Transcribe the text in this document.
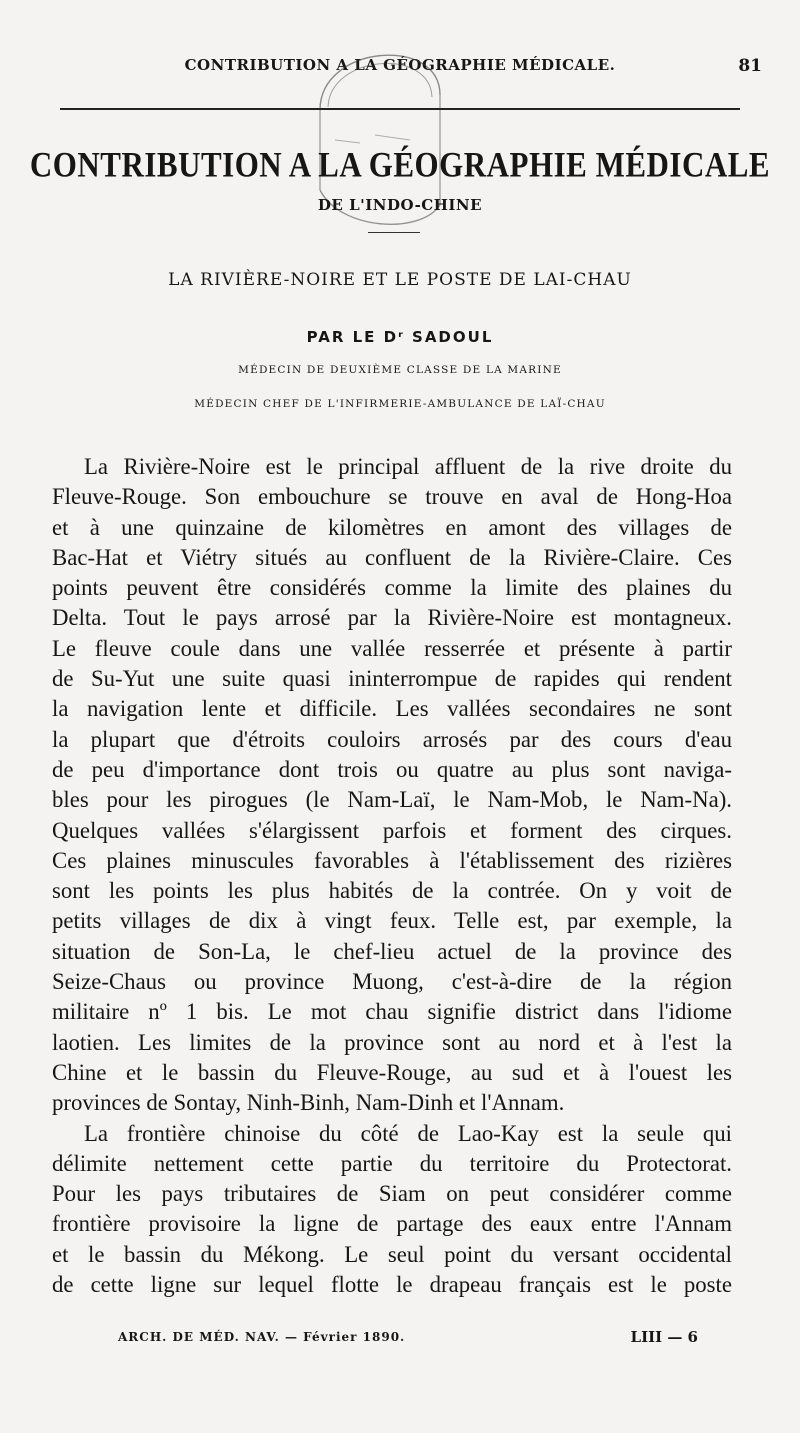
CONTRIBUTION A LA GÉOGRAPHIE MÉDICALE.	81
CONTRIBUTION A LA GÉOGRAPHIE MÉDICALE
DE L'INDO-CHINE
LA RIVIÈRE-NOIRE ET LE POSTE DE LAI-CHAU
PAR LE Dʳ SADOUL
MÉDECIN DE DEUXIÈME CLASSE DE LA MARINE
MÉDECIN CHEF DE L'INFIRMERIE-AMBULANCE DE LAÏ-CHAU
La Rivière-Noire est le principal affluent de la rive droite du
Fleuve-Rouge. Son embouchure se trouve en aval de Hong-Hoa
et à une quinzaine de kilomètres en amont des villages de
Bac-Hat et Viétry situés au confluent de la Rivière-Claire. Ces
points peuvent être considérés comme la limite des plaines du
Delta. Tout le pays arrosé par la Rivière-Noire est montagneux.
Le fleuve coule dans une vallée resserrée et présente à partir
de Su-Yut une suite quasi ininterrompue de rapides qui rendent
la navigation lente et difficile. Les vallées secondaires ne sont
la plupart que d'étroits couloirs arrosés par des cours d'eau
de peu d'importance dont trois ou quatre au plus sont naviga-
bles pour les pirogues (le Nam-Laï, le Nam-Mob, le Nam-Na).
Quelques vallées s'élargissent parfois et forment des cirques.
Ces plaines minuscules favorables à l'établissement des rizières
sont les points les plus habités de la contrée. On y voit de
petits villages de dix à vingt feux. Telle est, par exemple, la
situation de Son-La, le chef-lieu actuel de la province des
Seize-Chaus ou province Muong, c'est-à-dire de la région
militaire nº 1 bis. Le mot chau signifie district dans l'idiome
laotien. Les limites de la province sont au nord et à l'est la
Chine et le bassin du Fleuve-Rouge, au sud et à l'ouest les
provinces de Sontay, Ninh-Binh, Nam-Dinh et l'Annam.
La frontière chinoise du côté de Lao-Kay est la seule qui
délimite nettement cette partie du territoire du Protectorat.
Pour les pays tributaires de Siam on peut considérer comme
frontière provisoire la ligne de partage des eaux entre l'Annam
et le bassin du Mékong. Le seul point du versant occidental
de cette ligne sur lequel flotte le drapeau français est le poste
ARCH. DE MÉD. NAV. — Février 1890.	LIII — 6
